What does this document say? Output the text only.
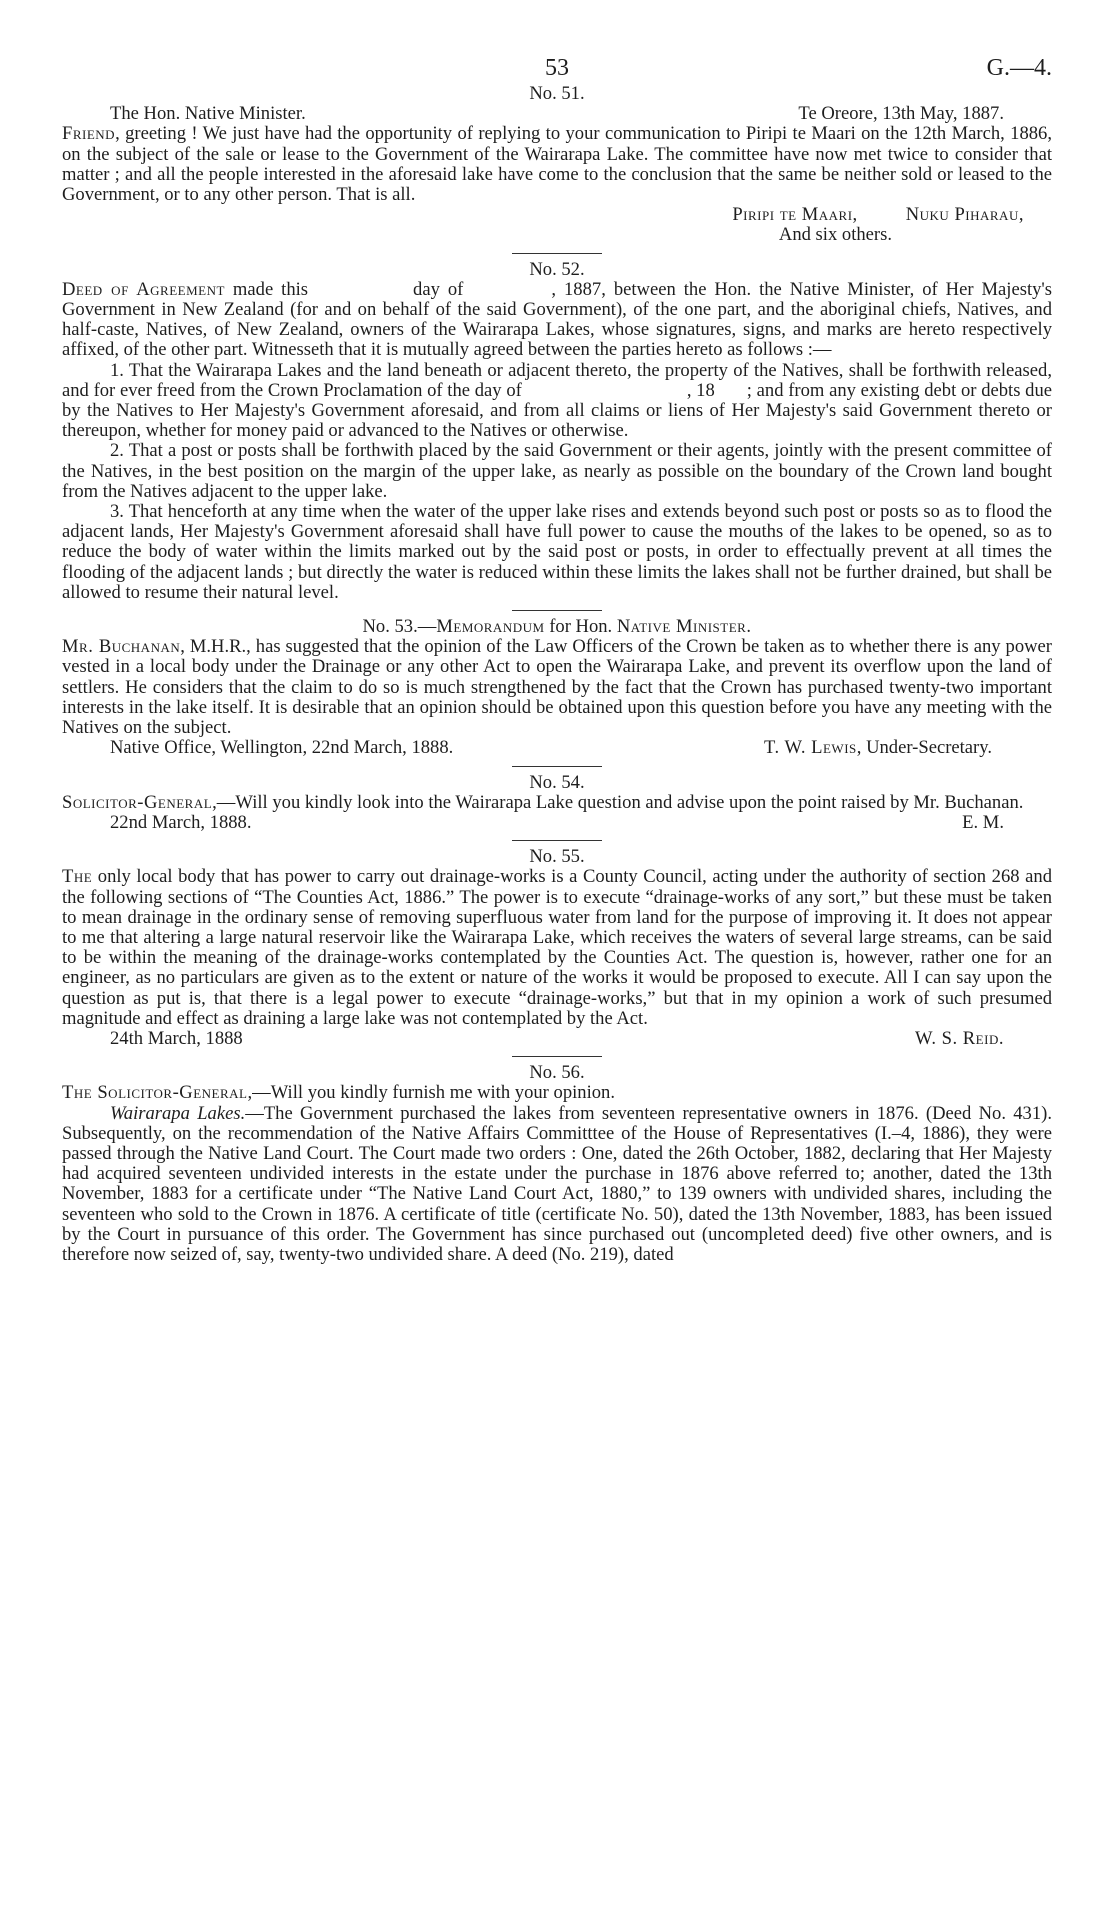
53	G.—4.
No. 51.
The Hon. Native Minister.	Te Oreore, 13th May, 1887.

Friend, greeting ! We just have had the opportunity of replying to your communication to Piripi te Maari on the 12th March, 1886, on the subject of the sale or lease to the Government of the Wairarapa Lake. The committee have now met twice to consider that matter ; and all the people interested in the aforesaid lake have come to the conclusion that the same be neither sold or leased to the Government, or to any other person. That is all.

Piripi te Maari,	Nuku Piharau,
And six others.
No. 52.

Deed of Agreement made this	day of	, 1887, between the Hon. the Native Minister, of Her Majesty's Government in New Zealand (for and on behalf of the said Government), of the one part, and the aboriginal chiefs, Natives, and half-caste, Natives, of New Zealand, owners of the Wairarapa Lakes, whose signatures, signs, and marks are hereto respectively affixed, of the other part. Witnesseth that it is mutually agreed between the parties hereto as follows :—

1. That the Wairarapa Lakes and the land beneath or adjacent thereto, the property of the Natives, shall be forthwith released, and for ever freed from the Crown Proclamation of the day of	, 18 ; and from any existing debt or debts due by the Natives to Her Majesty's Government aforesaid, and from all claims or liens of Her Majesty's said Government thereto or thereupon, whether for money paid or advanced to the Natives or otherwise.

2. That a post or posts shall be forthwith placed by the said Government or their agents, jointly with the present committee of the Natives, in the best position on the margin of the upper lake, as nearly as possible on the boundary of the Crown land bought from the Natives adjacent to the upper lake.

3. That henceforth at any time when the water of the upper lake rises and extends beyond such post or posts so as to flood the adjacent lands, Her Majesty's Government aforesaid shall have full power to cause the mouths of the lakes to be opened, so as to reduce the body of water within the limits marked out by the said post or posts, in order to effectually prevent at all times the flooding of the adjacent lands ; but directly the water is reduced within these limits the lakes shall not be further drained, but shall be allowed to resume their natural level.

No. 53.—Memorandum for Hon. Native Minister.

Mr. Buchanan, M.H.R., has suggested that the opinion of the Law Officers of the Crown be taken as to whether there is any power vested in a local body under the Drainage or any other Act to open the Wairarapa Lake, and prevent its overflow upon the land of settlers. He considers that the claim to do so is much strengthened by the fact that the Crown has purchased twenty-two important interests in the lake itself. It is desirable that an opinion should be obtained upon this question before you have any meeting with the Natives on the subject.

Native Office, Wellington, 22nd March, 1888.	T. W. Lewis, Under-Secretary.
No. 54.

Solicitor-General,—Will you kindly look into the Wairarapa Lake question and advise upon the point raised by Mr. Buchanan.

22nd March, 1888.	E. M.
No. 55.

The only local body that has power to carry out drainage-works is a County Council, acting under the authority of section 268 and the following sections of “The Counties Act, 1886.” The power is to execute “drainage-works of any sort,” but these must be taken to mean drainage in the ordinary sense of removing superfluous water from land for the purpose of improving it. It does not appear to me that altering a large natural reservoir like the Wairarapa Lake, which receives the waters of several large streams, can be said to be within the meaning of the drainage-works contemplated by the Counties Act. The question is, however, rather one for an engineer, as no particulars are given as to the extent or nature of the works it would be proposed to execute. All I can say upon the question as put is, that there is a legal power to execute “drainage-works,” but that in my opinion a work of such presumed magnitude and effect as draining a large lake was not contemplated by the Act.

24th March, 1888	W. S. Reid.
No. 56.

The Solicitor-General,—Will you kindly furnish me with your opinion.

Wairarapa Lakes.—The Government purchased the lakes from seventeen representative owners in 1876. (Deed No. 431). Subsequently, on the recommendation of the Native Affairs Committtee of the House of Representatives (I.–4, 1886), they were passed through the Native Land Court. The Court made two orders : One, dated the 26th October, 1882, declaring that Her Majesty had acquired seventeen undivided interests in the estate under the purchase in 1876 above referred to; another, dated the 13th November, 1883 for a certificate under “The Native Land Court Act, 1880,” to 139 owners with undivided shares, including the seventeen who sold to the Crown in 1876. A certificate of title (certificate No. 50), dated the 13th November, 1883, has been issued by the Court in pursuance of this order. The Government has since purchased out (uncompleted deed) five other owners, and is therefore now seized of, say, twenty-two undivided share. A deed (No. 219), dated
